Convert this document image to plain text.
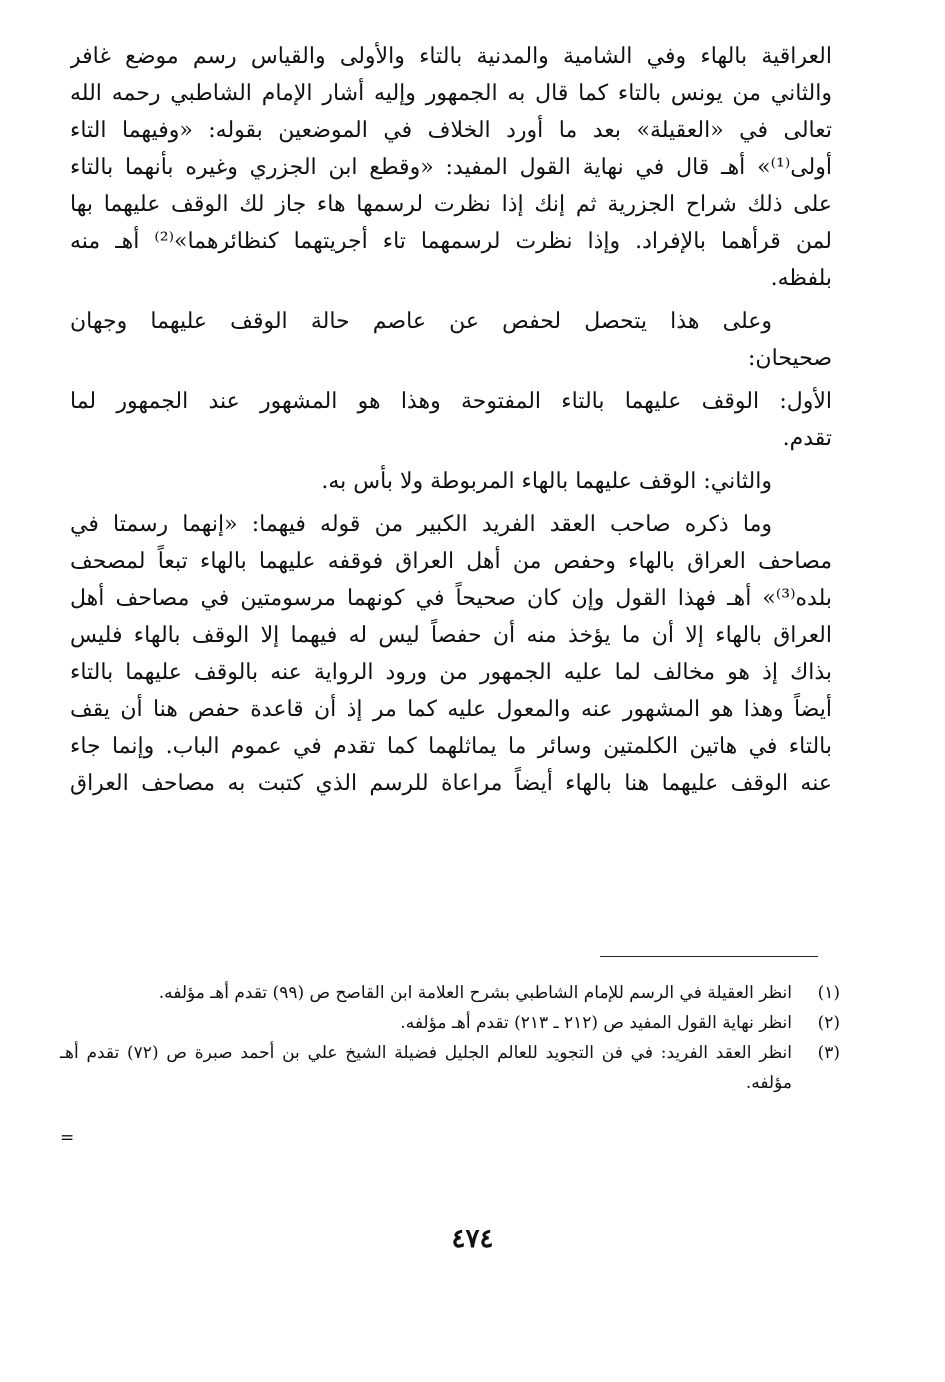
العراقية بالهاء وفي الشامية والمدنية بالتاء والأولى والقياس رسم موضع غافر
والثاني من يونس بالتاء كما قال به الجمهور وإليه أشار الإمام الشاطبي رحمه الله
تعالى في «العقيلة» بعد ما أورد الخلاف في الموضعين بقوله: «وفيهما التاء
أولى⁽¹⁾» أهـ قال في نهاية القول المفيد: «وقطع ابن الجزري وغيره بأنهما بالتاء
على ذلك شراح الجزرية ثم إنك إذا نظرت لرسمها هاء جاز لك الوقف عليهما بها
لمن قرأهما بالإفراد. وإذا نظرت لرسمهما تاء أجريتهما كنظائرهما»⁽²⁾ أهـ منه
بلفظه.

وعلى هذا يتحصل لحفص عن عاصم حالة الوقف عليهما وجهان
صحيحان:

الأول: الوقف عليهما بالتاء المفتوحة وهذا هو المشهور عند الجمهور لما
تقدم.

والثاني: الوقف عليهما بالهاء المربوطة ولا بأس به.

وما ذكره صاحب العقد الفريد الكبير من قوله فيهما: «إنهما رسمتا في
مصاحف العراق بالهاء وحفص من أهل العراق فوقفه عليهما بالهاء تبعاً لمصحف
بلده⁽³⁾» أهـ فهذا القول وإن كان صحيحاً في كونهما مرسومتين في مصاحف أهل
العراق بالهاء إلا أن ما يؤخذ منه أن حفصاً ليس له فيهما إلا الوقف بالهاء فليس
بذاك إذ هو مخالف لما عليه الجمهور من ورود الرواية عنه بالوقف عليهما بالتاء
أيضاً وهذا هو المشهور عنه والمعول عليه كما مر إذ أن قاعدة حفص هنا أن يقف
بالتاء في هاتين الكلمتين وسائر ما يماثلهما كما تقدم في عموم الباب. وإنما جاء
عنه الوقف عليهما هنا بالهاء أيضاً مراعاة للرسم الذي كتبت به مصاحف العراق

(١)
انظر العقيلة في الرسم للإمام الشاطبي بشرح العلامة ابن القاصح ص (٩٩) تقدم أهـ مؤلفه.
(٢)
انظر نهاية القول المفيد ص (٢١٢ ـ ٢١٣) تقدم أهـ مؤلفه.
(٣)
انظر العقد الفريد: في فن التجويد للعالم الجليل فضيلة الشيخ علي بن أحمد صبرة ص (٧٢) تقدم أهـ مؤلفه.
=
٤٧٤
